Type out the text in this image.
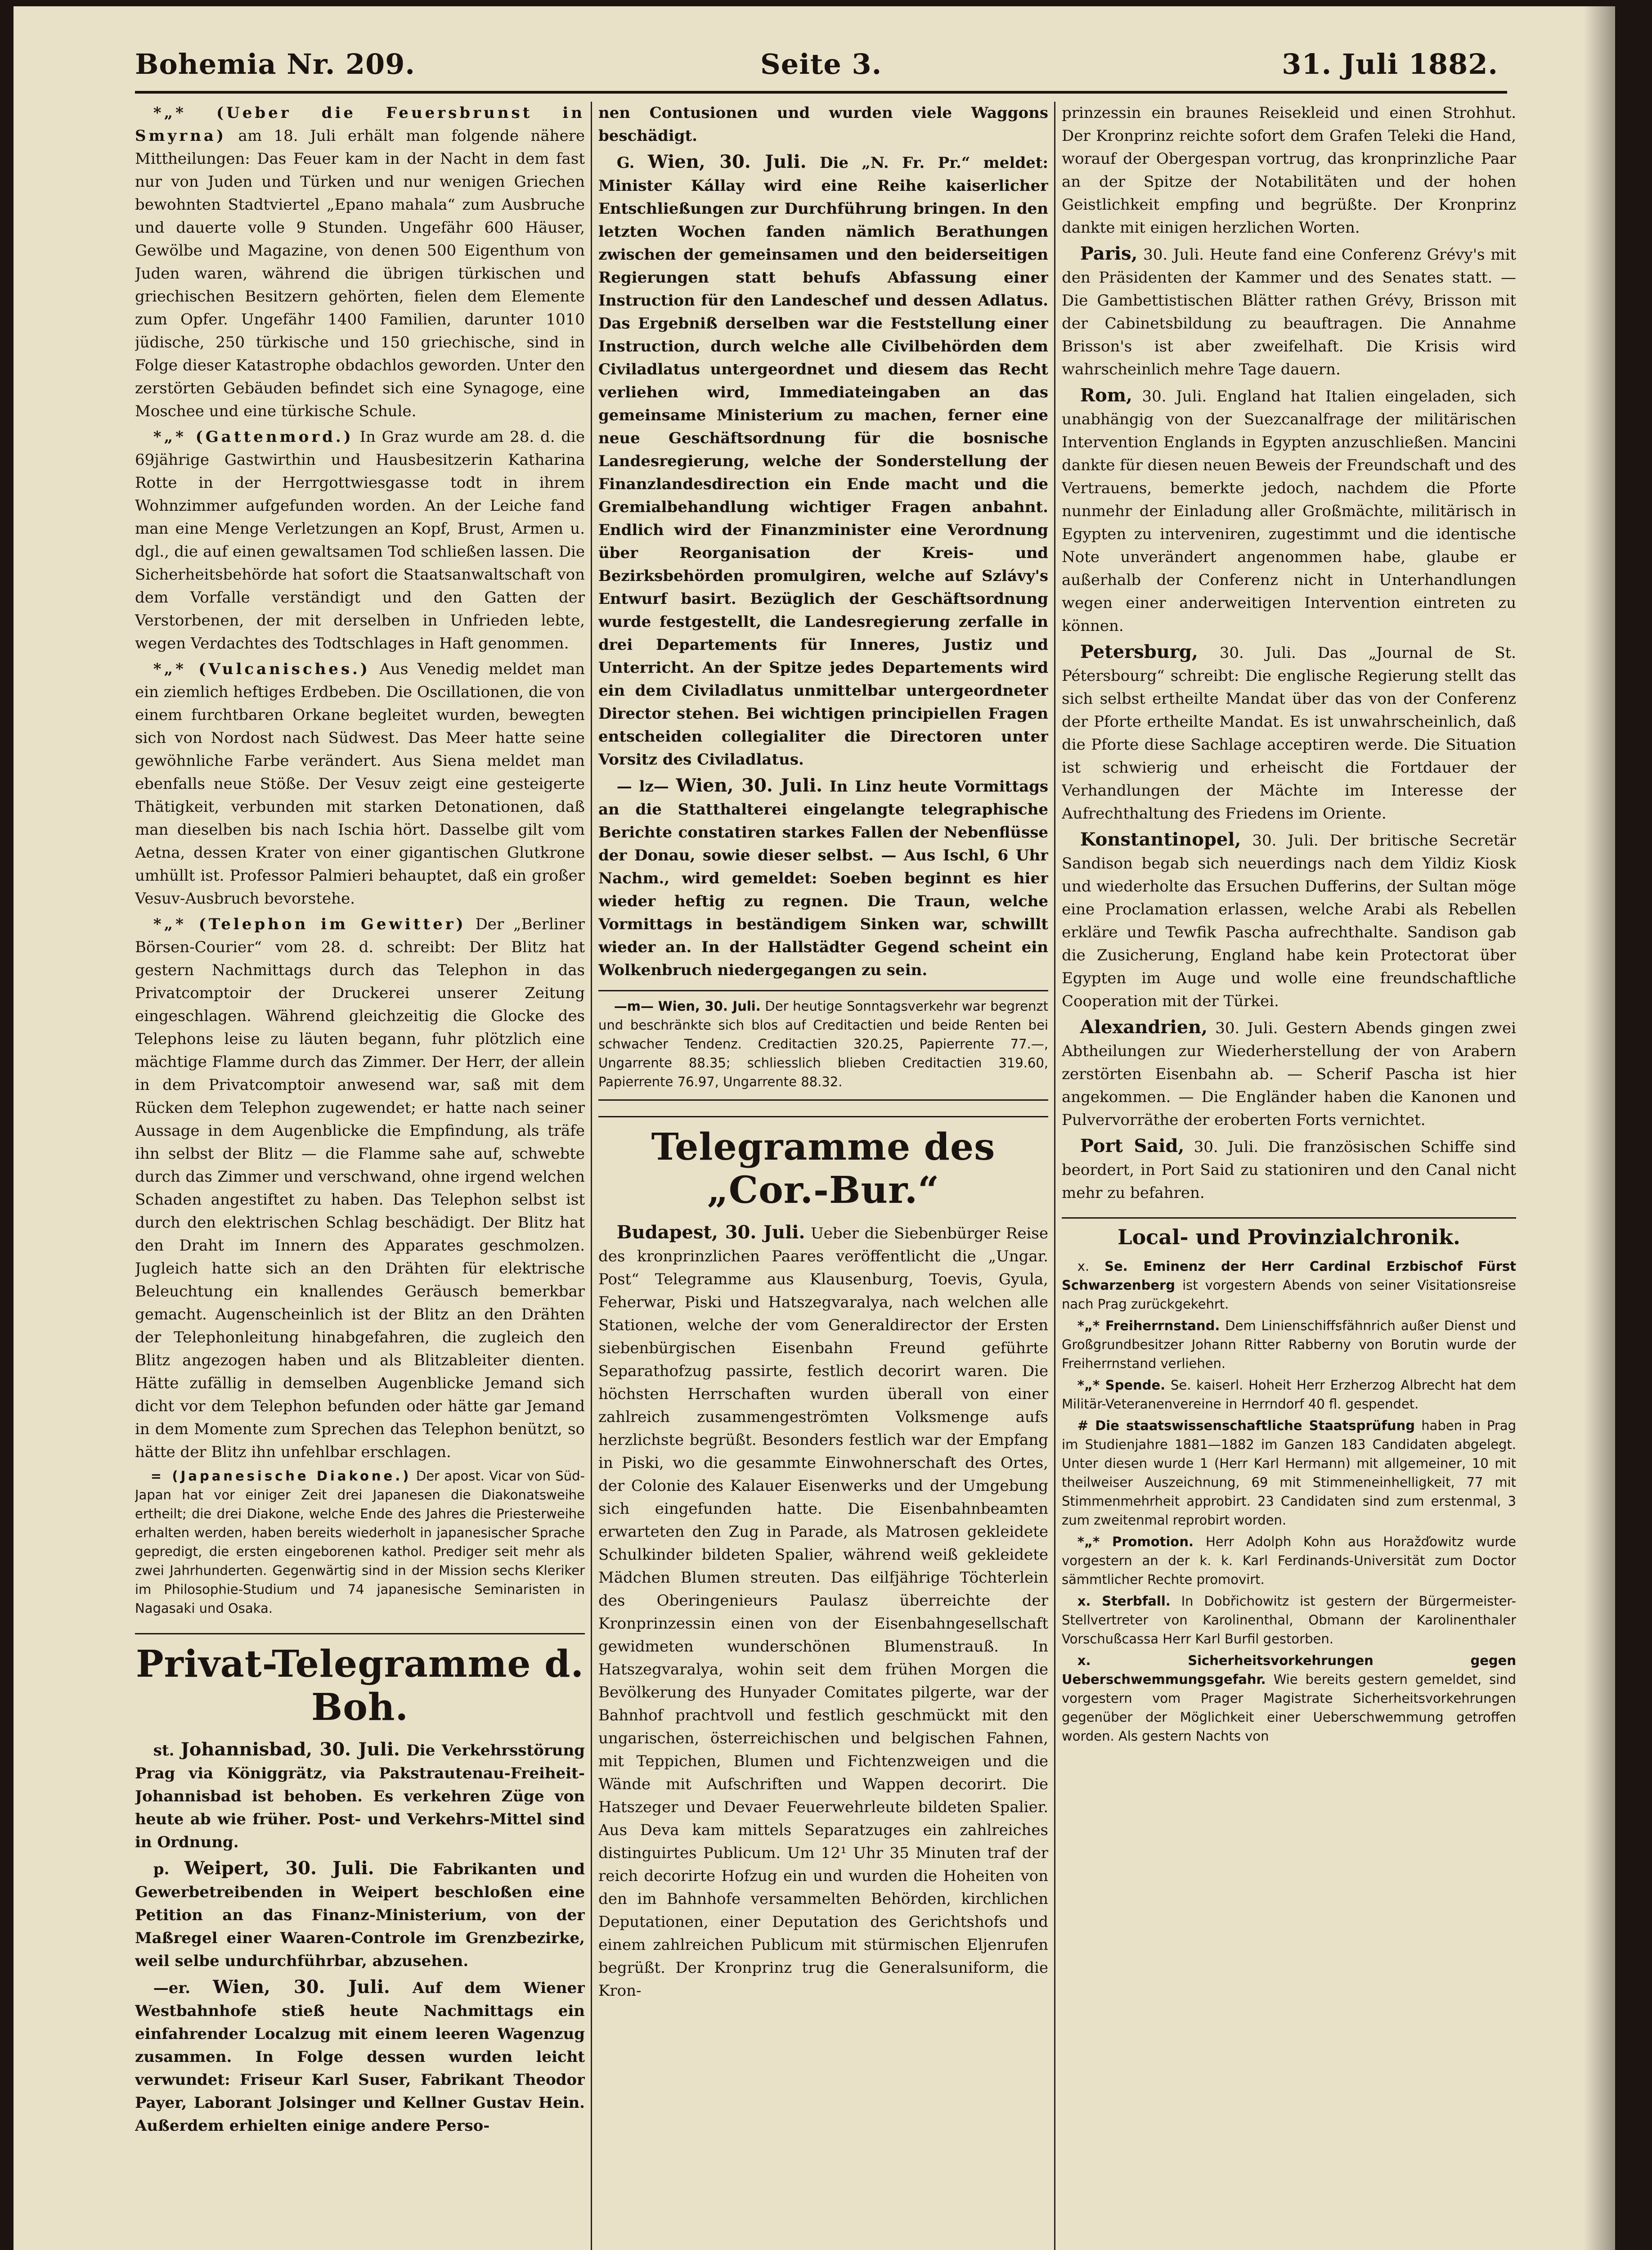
Bohemia Nr. 209.	Seite 3.	31. Juli 1882.

*„* (Ueber die Feuersbrunst in Smyrna) am 18. Juli erhält man folgende nähere Mittheilungen: Das Feuer kam in der Nacht in dem fast nur von Juden und Türken und nur wenigen Griechen bewohnten Stadtviertel „Epano mahala“ zum Ausbruche und dauerte volle 9 Stunden. Ungefähr 600 Häuser, Gewölbe und Magazine, von denen 500 Eigenthum von Juden waren, während die übrigen türkischen und griechischen Besitzern gehörten, fielen dem Elemente zum Opfer. Ungefähr 1400 Familien, darunter 1010 jüdische, 250 türkische und 150 griechische, sind in Folge dieser Katastrophe obdachlos geworden. Unter den zerstörten Gebäuden befindet sich eine Synagoge, eine Moschee und eine türkische Schule.

*„* (Gattenmord.) In Graz wurde am 28. d. die 69jährige Gastwirthin und Hausbesitzerin Katharina Rotte in der Herrgottwiesgasse todt in ihrem Wohnzimmer aufgefunden worden. An der Leiche fand man eine Menge Verletzungen an Kopf, Brust, Armen u. dgl., die auf einen gewaltsamen Tod schließen lassen. Die Sicherheitsbehörde hat sofort die Staatsanwaltschaft von dem Vorfalle verständigt und den Gatten der Verstorbenen, der mit derselben in Unfrieden lebte, wegen Verdachtes des Todtschlages in Haft genommen.

*„* (Vulcanisches.) Aus Venedig meldet man ein ziemlich heftiges Erdbeben. Die Oscillationen, die von einem furchtbaren Orkane begleitet wurden, bewegten sich von Nordost nach Südwest. Das Meer hatte seine gewöhnliche Farbe verändert. Aus Siena meldet man ebenfalls neue Stöße. Der Vesuv zeigt eine gesteigerte Thätigkeit, verbunden mit starken Detonationen, daß man dieselben bis nach Ischia hört. Dasselbe gilt vom Aetna, dessen Krater von einer gigantischen Glutkrone umhüllt ist. Professor Palmieri behauptet, daß ein großer Vesuv-Ausbruch bevorstehe.

*„* (Telephon im Gewitter) Der „Berliner Börsen-Courier“ vom 28. d. schreibt: Der Blitz hat gestern Nachmittags durch das Telephon in das Privatcomptoir der Druckerei unserer Zeitung eingeschlagen. Während gleichzeitig die Glocke des Telephons leise zu läuten begann, fuhr plötzlich eine mächtige Flamme durch das Zimmer. Der Herr, der allein in dem Privatcomptoir anwesend war, saß mit dem Rücken dem Telephon zugewendet; er hatte nach seiner Aussage in dem Augenblicke die Empfindung, als träfe ihn selbst der Blitz — die Flamme sahe auf, schwebte durch das Zimmer und verschwand, ohne irgend welchen Schaden angestiftet zu haben. Das Telephon selbst ist durch den elektrischen Schlag beschädigt. Der Blitz hat den Draht im Innern des Apparates geschmolzen. Jugleich hatte sich an den Drähten für elektrische Beleuchtung ein knallendes Geräusch bemerkbar gemacht. Augenscheinlich ist der Blitz an den Drähten der Telephonleitung hinabgefahren, die zugleich den Blitz angezogen haben und als Blitzableiter dienten. Hätte zufällig in demselben Augenblicke Jemand sich dicht vor dem Telephon befunden oder hätte gar Jemand in dem Momente zum Sprechen das Telephon benützt, so hätte der Blitz ihn unfehlbar erschlagen.

= (Japanesische Diakone.) Der apost. Vicar von Süd-Japan hat vor einiger Zeit drei Japanesen die Diakonatsweihe ertheilt; die drei Diakone, welche Ende des Jahres die Priesterweihe erhalten werden, haben bereits wiederholt in japanesischer Sprache gepredigt, die ersten eingeborenen kathol. Prediger seit mehr als zwei Jahrhunderten. Gegenwärtig sind in der Mission sechs Kleriker im Philosophie-Studium und 74 japanesische Seminaristen in Nagasaki und Osaka.

Privat-Telegramme d. Boh.

st. Johannisbad, 30. Juli. Die Verkehrsstörung Prag via Königgrätz, via Pakstrautenau-Freiheit-Johannisbad ist behoben. Es verkehren Züge von heute ab wie früher. Post- und Verkehrs-Mittel sind in Ordnung.

p. Weipert, 30. Juli. Die Fabrikanten und Gewerbetreibenden in Weipert beschloßen eine Petition an das Finanz-Ministerium, von der Maßregel einer Waaren-Controle im Grenzbezirke, weil selbe undurchführbar, abzusehen.

—er. Wien, 30. Juli. Auf dem Wiener Westbahnhofe stieß heute Nachmittags ein einfahrender Localzug mit einem leeren Wagenzug zusammen. In Folge dessen wurden leicht verwundet: Friseur Karl Suser, Fabrikant Theodor Payer, Laborant Jolsinger und Kellner Gustav Hein. Außerdem erhielten einige andere Perso-

nen Contusionen und wurden viele Waggons beschädigt.

G. Wien, 30. Juli. Die „N. Fr. Pr.“ meldet: Minister Kállay wird eine Reihe kaiserlicher Entschließungen zur Durchführung bringen. In den letzten Wochen fanden nämlich Berathungen zwischen der gemeinsamen und den beiderseitigen Regierungen statt behufs Abfassung einer Instruction für den Landeschef und dessen Adlatus. Das Ergebniß derselben war die Feststellung einer Instruction, durch welche alle Civilbehörden dem Civiladlatus untergeordnet und diesem das Recht verliehen wird, Immediateingaben an das gemeinsame Ministerium zu machen, ferner eine neue Geschäftsordnung für die bosnische Landesregierung, welche der Sonderstellung der Finanzlandesdirection ein Ende macht und die Gremialbehandlung wichtiger Fragen anbahnt. Endlich wird der Finanzminister eine Verordnung über Reorganisation der Kreis- und Bezirksbehörden promulgiren, welche auf Szlávy's Entwurf basirt. Bezüglich der Geschäftsordnung wurde festgestellt, die Landesregierung zerfalle in drei Departements für Inneres, Justiz und Unterricht. An der Spitze jedes Departements wird ein dem Civiladlatus unmittelbar untergeordneter Director stehen. Bei wichtigen principiellen Fragen entscheiden collegialiter die Directoren unter Vorsitz des Civiladlatus.

— lz— Wien, 30. Juli. In Linz heute Vormittags an die Statthalterei eingelangte telegraphische Berichte constatiren starkes Fallen der Nebenflüsse der Donau, sowie dieser selbst. — Aus Ischl, 6 Uhr Nachm., wird gemeldet: Soeben beginnt es hier wieder heftig zu regnen. Die Traun, welche Vormittags in beständigem Sinken war, schwillt wieder an. In der Hallstädter Gegend scheint ein Wolkenbruch niedergegangen zu sein.

—m— Wien, 30. Juli. Der heutige Sonntagsverkehr war begrenzt und beschränkte sich blos auf Creditactien und beide Renten bei schwacher Tendenz. Creditactien 320.25, Papierrente 77.—, Ungarrente 88.35; schliesslich blieben Creditactien 319.60, Papierrente 76.97, Ungarrente 88.32.

Telegramme des „Cor.-Bur.“

Budapest, 30. Juli. Ueber die Siebenbürger Reise des kronprinzlichen Paares veröffentlicht die „Ungar. Post“ Telegramme aus Klausenburg, Toevis, Gyula, Feherwar, Piski und Hatszegvaralya, nach welchen alle Stationen, welche der vom Generaldirector der Ersten siebenbürgischen Eisenbahn Freund geführte Separathofzug passirte, festlich decorirt waren. Die höchsten Herrschaften wurden überall von einer zahlreich zusammengeströmten Volksmenge aufs herzlichste begrüßt. Besonders festlich war der Empfang in Piski, wo die gesammte Einwohnerschaft des Ortes, der Colonie des Kalauer Eisenwerks und der Umgebung sich eingefunden hatte. Die Eisenbahnbeamten erwarteten den Zug in Parade, als Matrosen gekleidete Schulkinder bildeten Spalier, während weiß gekleidete Mädchen Blumen streuten. Das eilfjährige Töchterlein des Oberingenieurs Paulasz überreichte der Kronprinzessin einen von der Eisenbahngesellschaft gewidmeten wunderschönen Blumenstrauß. In Hatszegvaralya, wohin seit dem frühen Morgen die Bevölkerung des Hunyader Comitates pilgerte, war der Bahnhof prachtvoll und festlich geschmückt mit den ungarischen, österreichischen und belgischen Fahnen, mit Teppichen, Blumen und Fichtenzweigen und die Wände mit Aufschriften und Wappen decorirt. Die Hatszeger und Devaer Feuerwehrleute bildeten Spalier. Aus Deva kam mittels Separatzuges ein zahlreiches distinguirtes Publicum. Um 12¹ Uhr 35 Minuten traf der reich decorirte Hofzug ein und wurden die Hoheiten von den im Bahnhofe versammelten Behörden, kirchlichen Deputationen, einer Deputation des Gerichtshofs und einem zahlreichen Publicum mit stürmischen Eljenrufen begrüßt. Der Kronprinz trug die Generalsuniform, die Kron-

prinzessin ein braunes Reisekleid und einen Strohhut. Der Kronprinz reichte sofort dem Grafen Teleki die Hand, worauf der Obergespan vortrug, das kronprinzliche Paar an der Spitze der Notabilitäten und der hohen Geistlichkeit empfing und begrüßte. Der Kronprinz dankte mit einigen herzlichen Worten.

Paris, 30. Juli. Heute fand eine Conferenz Grévy's mit den Präsidenten der Kammer und des Senates statt. — Die Gambettistischen Blätter rathen Grévy, Brisson mit der Cabinetsbildung zu beauftragen. Die Annahme Brisson's ist aber zweifelhaft. Die Krisis wird wahrscheinlich mehre Tage dauern.

Rom, 30. Juli. England hat Italien eingeladen, sich unabhängig von der Suezcanalfrage der militärischen Intervention Englands in Egypten anzuschließen. Mancini dankte für diesen neuen Beweis der Freundschaft und des Vertrauens, bemerkte jedoch, nachdem die Pforte nunmehr der Einladung aller Großmächte, militärisch in Egypten zu interveniren, zugestimmt und die identische Note unverändert angenommen habe, glaube er außerhalb der Conferenz nicht in Unterhandlungen wegen einer anderweitigen Intervention eintreten zu können.

Petersburg, 30. Juli. Das „Journal de St. Pétersbourg“ schreibt: Die englische Regierung stellt das sich selbst ertheilte Mandat über das von der Conferenz der Pforte ertheilte Mandat. Es ist unwahrscheinlich, daß die Pforte diese Sachlage acceptiren werde. Die Situation ist schwierig und erheischt die Fortdauer der Verhandlungen der Mächte im Interesse der Aufrechthaltung des Friedens im Oriente.

Konstantinopel, 30. Juli. Der britische Secretär Sandison begab sich neuerdings nach dem Yildiz Kiosk und wiederholte das Ersuchen Dufferins, der Sultan möge eine Proclamation erlassen, welche Arabi als Rebellen erkläre und Tewfik Pascha aufrechthalte. Sandison gab die Zusicherung, England habe kein Protectorat über Egypten im Auge und wolle eine freundschaftliche Cooperation mit der Türkei.

Alexandrien, 30. Juli. Gestern Abends gingen zwei Abtheilungen zur Wiederherstellung der von Arabern zerstörten Eisenbahn ab. — Scherif Pascha ist hier angekommen. — Die Engländer haben die Kanonen und Pulvervorräthe der eroberten Forts vernichtet.

Port Said, 30. Juli. Die französischen Schiffe sind beordert, in Port Said zu stationiren und den Canal nicht mehr zu befahren.

Local- und Provinzialchronik.

x. Se. Eminenz der Herr Cardinal Erzbischof Fürst Schwarzenberg ist vorgestern Abends von seiner Visitationsreise nach Prag zurückgekehrt.

*„* Freiherrnstand. Dem Linienschiffsfähnrich außer Dienst und Großgrundbesitzer Johann Ritter Rabberny von Borutin wurde der Freiherrnstand verliehen.

*„* Spende. Se. kaiserl. Hoheit Herr Erzherzog Albrecht hat dem Militär-Veteranenvereine in Herrndorf 40 fl. gespendet.

# Die staatswissenschaftliche Staatsprüfung haben in Prag im Studienjahre 1881—1882 im Ganzen 183 Candidaten abgelegt. Unter diesen wurde 1 (Herr Karl Hermann) mit allgemeiner, 10 mit theilweiser Auszeichnung, 69 mit Stimmeneinhelligkeit, 77 mit Stimmenmehrheit approbirt. 23 Candidaten sind zum erstenmal, 3 zum zweitenmal reprobirt worden.

*„* Promotion. Herr Adolph Kohn aus Horažďowitz wurde vorgestern an der k. k. Karl Ferdinands-Universität zum Doctor sämmtlicher Rechte promovirt.

x. Sterbfall. In Dobřichowitz ist gestern der Bürgermeister-Stellvertreter von Karolinenthal, Obmann der Karolinenthaler Vorschußcassa Herr Karl Burfil gestorben.

x. Sicherheitsvorkehrungen gegen Ueberschwemmungsgefahr. Wie bereits gestern gemeldet, sind vorgestern vom Prager Magistrate Sicherheitsvorkehrungen gegenüber der Möglichkeit einer Ueberschwemmung getroffen worden. Als gestern Nachts von
